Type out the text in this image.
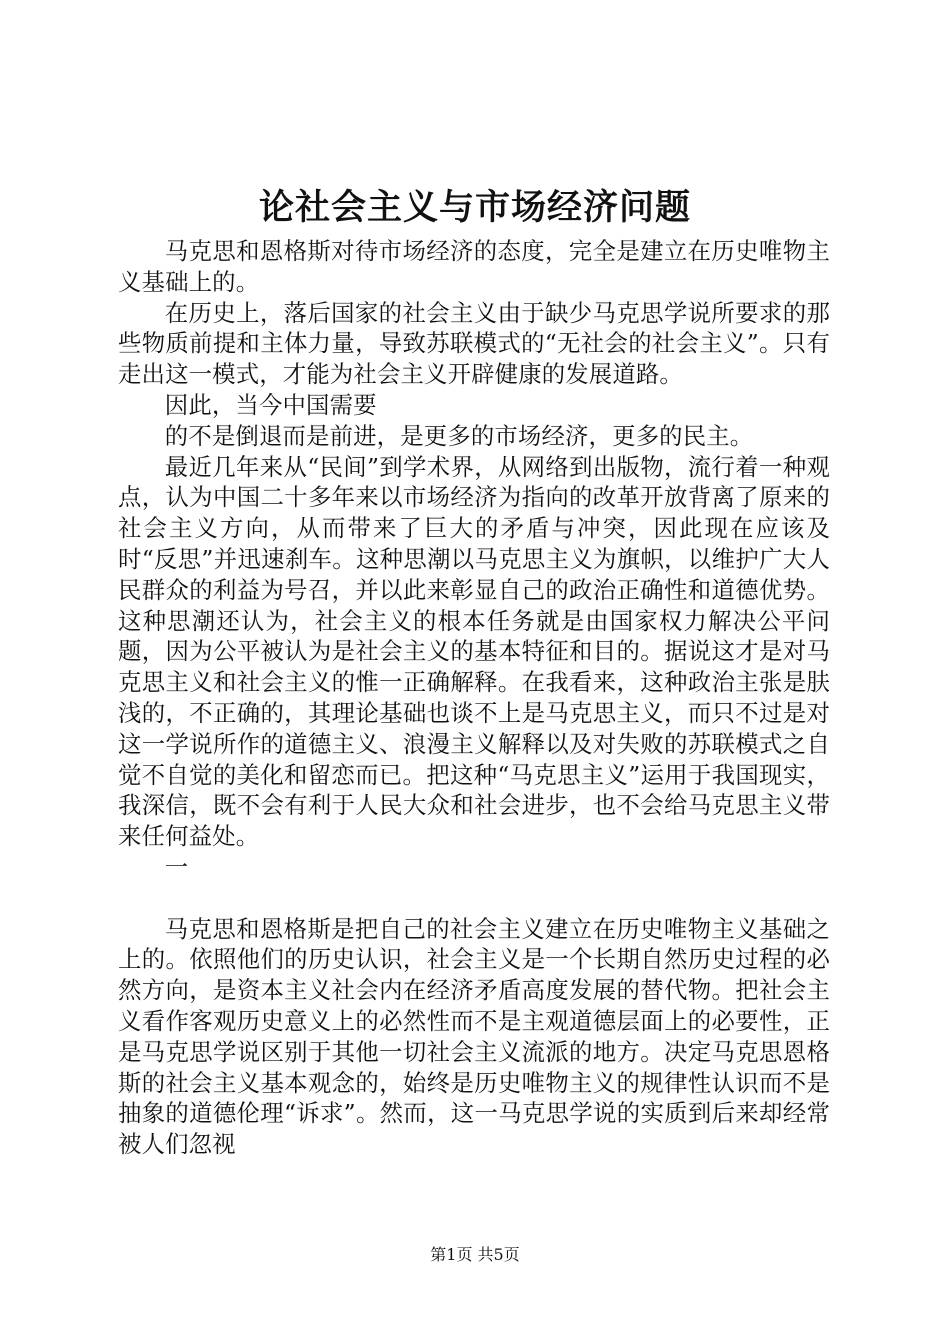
论社会主义与市场经济问题

马克思和恩格斯对待市场经济的态度，完全是建立在历史唯物主义基础上的。

在历史上，落后国家的社会主义由于缺少马克思学说所要求的那些物质前提和主体力量，导致苏联模式的“无社会的社会主义”。只有走出这一模式，才能为社会主义开辟健康的发展道路。

因此，当今中国需要

的不是倒退而是前进，是更多的市场经济，更多的民主。

最近几年来从“民间”到学术界，从网络到出版物，流行着一种观点，认为中国二十多年来以市场经济为指向的改革开放背离了原来的社会主义方向，从而带来了巨大的矛盾与冲突，因此现在应该及时“反思”并迅速刹车。这种思潮以马克思主义为旗帜，以维护广大人民群众的利益为号召，并以此来彰显自己的政治正确性和道德优势。这种思潮还认为，社会主义的根本任务就是由国家权力解决公平问题，因为公平被认为是社会主义的基本特征和目的。据说这才是对马克思主义和社会主义的惟一正确解释。在我看来，这种政治主张是肤浅的，不正确的，其理论基础也谈不上是马克思主义，而只不过是对这一学说所作的道德主义、浪漫主义解释以及对失败的苏联模式之自觉不自觉的美化和留恋而已。把这种“马克思主义”运用于我国现实，我深信，既不会有利于人民大众和社会进步，也不会给马克思主义带来任何益处。

一

马克思和恩格斯是把自己的社会主义建立在历史唯物主义基础之上的。依照他们的历史认识，社会主义是一个长期自然历史过程的必然方向，是资本主义社会内在经济矛盾高度发展的替代物。把社会主义看作客观历史意义上的必然性而不是主观道德层面上的必要性，正是马克思学说区别于其他一切社会主义流派的地方。决定马克思恩格斯的社会主义基本观念的，始终是历史唯物主义的规律性认识而不是抽象的道德伦理“诉求”。然而，这一马克思学说的实质到后来却经常被人们忽视

第1页 共5页
